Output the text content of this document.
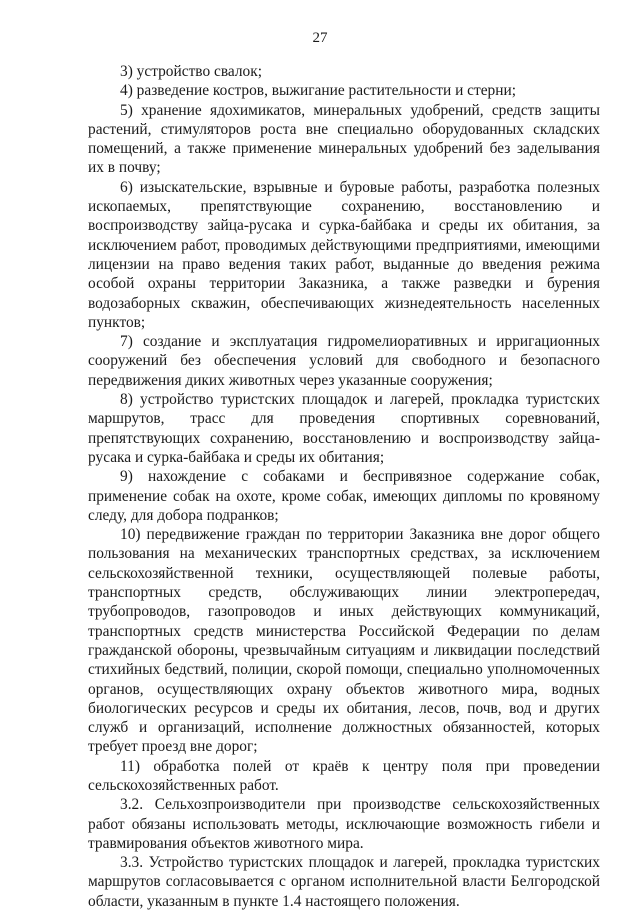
27

3) устройство свалок;

4) разведение костров, выжигание растительности и стерни;

5) хранение ядохимикатов, минеральных удобрений, средств защиты растений, стимуляторов роста вне специально оборудованных складских помещений, а также применение минеральных удобрений без заделывания их в почву;

6) изыскательские, взрывные и буровые работы, разработка полезных ископаемых, препятствующие сохранению, восстановлению и воспроизводству зайца-русака и сурка-байбака и среды их обитания, за исключением работ, проводимых действующими предприятиями, имеющими лицензии на право ведения таких работ, выданные до введения режима особой охраны территории Заказника, а также разведки и бурения водозаборных скважин, обеспечивающих жизнедеятельность населенных пунктов;

7) создание и эксплуатация гидромелиоративных и ирригационных сооружений без обеспечения условий для свободного и безопасного передвижения диких животных через указанные сооружения;

8) устройство туристских площадок и лагерей, прокладка туристских маршрутов, трасс для проведения спортивных соревнований, препятствующих сохранению, восстановлению и воспроизводству зайца-русака и сурка-байбака и среды их обитания;

9) нахождение с собаками и беспривязное содержание собак, применение собак на охоте, кроме собак, имеющих дипломы по кровяному следу, для добора подранков;

10) передвижение граждан по территории Заказника вне дорог общего пользования на механических транспортных средствах, за исключением сельскохозяйственной техники, осуществляющей полевые работы, транспортных средств, обслуживающих линии электропередач, трубопроводов, газопроводов и иных действующих коммуникаций, транспортных средств министерства Российской Федерации по делам гражданской обороны, чрезвычайным ситуациям и ликвидации последствий стихийных бедствий, полиции, скорой помощи, специально уполномоченных органов, осуществляющих охрану объектов животного мира, водных биологических ресурсов и среды их обитания, лесов, почв, вод и других служб и организаций, исполнение должностных обязанностей, которых требует проезд вне дорог;

11) обработка полей от краёв к центру поля при проведении сельскохозяйственных работ.

3.2. Сельхозпроизводители при производстве сельскохозяйственных работ обязаны использовать методы, исключающие возможность гибели и травмирования объектов животного мира.

3.3. Устройство туристских площадок и лагерей, прокладка туристских маршрутов согласовывается с органом исполнительной власти Белгородской области, указанным в пункте 1.4 настоящего положения.
